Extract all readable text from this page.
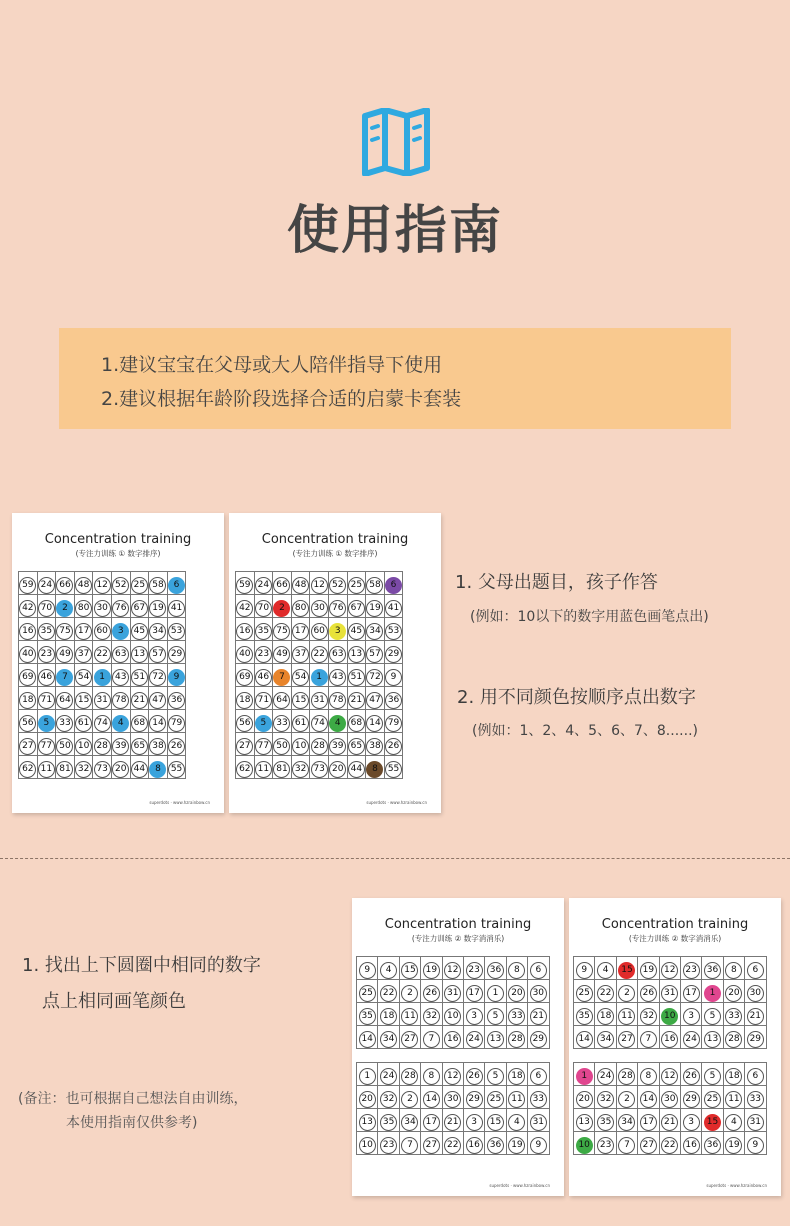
使用指南

1.建议宝宝在父母或大人陪伴指导下使用

2.建议根据年龄阶段选择合适的启蒙卡套装

Concentration training
(专注力训练 ① 数字排序)
59	24	66	48	12	52	25	58	6
42	70	2	80	30	76	67	19	41
16	35	75	17	60	3	45	34	53
40	23	49	37	22	63	13	57	29
69	46	7	54	1	43	51	72	9
18	71	64	15	31	78	21	47	36
56	5	33	61	74	4	68	14	79
27	77	50	10	28	39	65	38	26
62	11	81	32	73	20	44	8	55
superdots · www.hzrainbow.cn
Concentration training
(专注力训练 ① 数字排序)
59	24	66	48	12	52	25	58	6
42	70	2	80	30	76	67	19	41
16	35	75	17	60	3	45	34	53
40	23	49	37	22	63	13	57	29
69	46	7	54	1	43	51	72	9
18	71	64	15	31	78	21	47	36
56	5	33	61	74	4	68	14	79
27	77	50	10	28	39	65	38	26
62	11	81	32	73	20	44	8	55
superdots · www.hzrainbow.cn
1. 父母出题目，孩子作答
(例如：10以下的数字用蓝色画笔点出)
2. 用不同颜色按顺序点出数字
(例如：1、2、4、5、6、7、8......)
1. 找出上下圆圈中相同的数字
点上相同画笔颜色
(备注：也可根据自己想法自由训练，
本使用指南仅供参考)
Concentration training
(专注力训练 ② 数字消消乐)
9	4	15	19	12	23	36	8	6
25	22	2	26	31	17	1	20	30
35	18	11	32	10	3	5	33	21
14	34	27	7	16	24	13	28	29
1	24	28	8	12	26	5	18	6
20	32	2	14	30	29	25	11	33
13	35	34	17	21	3	15	4	31
10	23	7	27	22	16	36	19	9
superdots · www.hzrainbow.cn
Concentration training
(专注力训练 ② 数字消消乐)
9	4	15	19	12	23	36	8	6
25	22	2	26	31	17	1	20	30
35	18	11	32	10	3	5	33	21
14	34	27	7	16	24	13	28	29
1	24	28	8	12	26	5	18	6
20	32	2	14	30	29	25	11	33
13	35	34	17	21	3	15	4	31
10	23	7	27	22	16	36	19	9
superdots · www.hzrainbow.cn
